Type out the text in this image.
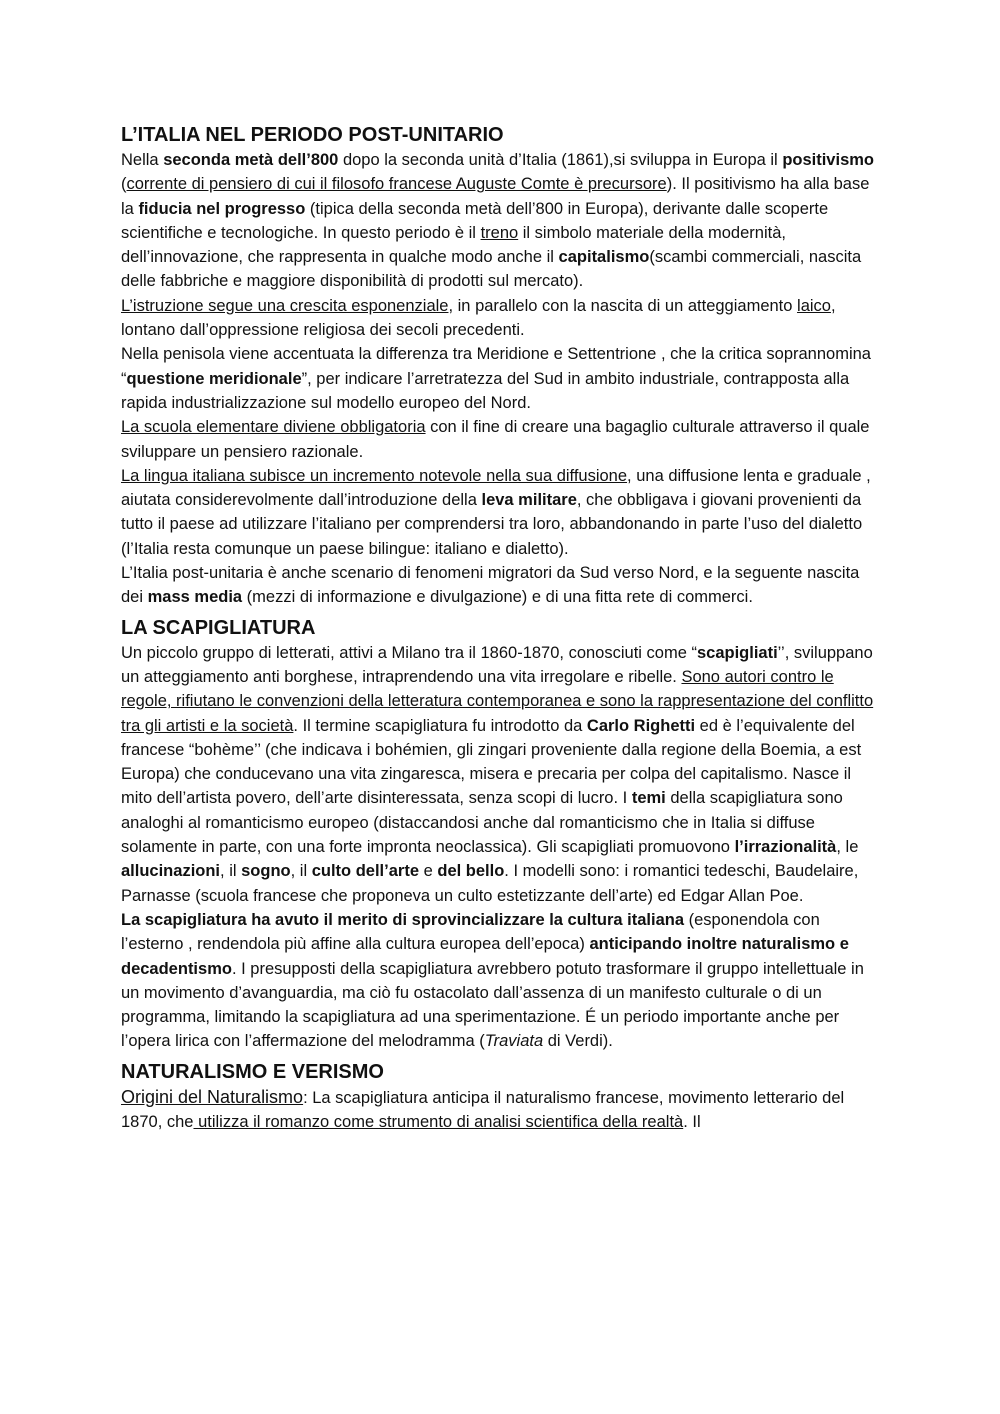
L’ITALIA NEL PERIODO POST-UNITARIO

Nella seconda metà dell’800 dopo la seconda unità d’Italia (1861),si sviluppa in Europa il positivismo (corrente di pensiero di cui il filosofo francese Auguste Comte è precursore). Il positivismo ha alla base la fiducia nel progresso (tipica della seconda metà dell’800 in Europa), derivante dalle scoperte scientifiche e tecnologiche. In questo periodo è il treno il simbolo materiale della modernità, dell’innovazione, che rappresenta in qualche modo anche il capitalismo(scambi commerciali, nascita delle fabbriche e maggiore disponibilità di prodotti sul mercato).

L’istruzione segue una crescita esponenziale, in parallelo con la nascita di un atteggiamento laico, lontano dall’oppressione religiosa dei secoli precedenti.

Nella penisola viene accentuata la differenza tra Meridione e Settentrione , che la critica soprannomina “questione meridionale”, per indicare l’arretratezza del Sud in ambito industriale, contrapposta alla rapida industrializzazione sul modello europeo del Nord.

La scuola elementare diviene obbligatoria con il fine di creare una bagaglio culturale attraverso il quale sviluppare un pensiero razionale.

La lingua italiana subisce un incremento notevole nella sua diffusione, una diffusione lenta e graduale , aiutata considerevolmente dall’introduzione della leva militare, che obbligava i giovani provenienti da tutto il paese ad utilizzare l’italiano per comprendersi tra loro, abbandonando in parte l’uso del dialetto (l’Italia resta comunque un paese bilingue: italiano e dialetto).

L’Italia post-unitaria è anche scenario di fenomeni migratori da Sud verso Nord, e la seguente nascita dei mass media (mezzi di informazione e divulgazione) e di una fitta rete di commerci.

LA SCAPIGLIATURA

Un piccolo gruppo di letterati, attivi a Milano tra il 1860-1870, conosciuti come “scapigliati’’, sviluppano un atteggiamento anti borghese, intraprendendo una vita irregolare e ribelle. Sono autori contro le regole, rifiutano le convenzioni della letteratura contemporanea e sono la rappresentazione del conflitto tra gli artisti e la società. Il termine scapigliatura fu introdotto da Carlo Righetti ed è l’equivalente del francese “bohème’’ (che indicava i bohémien, gli zingari proveniente dalla regione della Boemia, a est Europa) che conducevano una vita zingaresca, misera e precaria per colpa del capitalismo. Nasce il mito dell’artista povero, dell’arte disinteressata, senza scopi di lucro. I temi della scapigliatura sono analoghi al romanticismo europeo (distaccandosi anche dal romanticismo che in Italia si diffuse solamente in parte, con una forte impronta neoclassica). Gli scapigliati promuovono l’irrazionalità, le allucinazioni, il sogno, il culto dell’arte e del bello. I modelli sono: i romantici tedeschi, Baudelaire, Parnasse (scuola francese che proponeva un culto estetizzante dell’arte) ed Edgar Allan Poe.

La scapigliatura ha avuto il merito di sprovincializzare la cultura italiana (esponendola con l’esterno , rendendola più affine alla cultura europea dell’epoca) anticipando inoltre naturalismo e decadentismo. I presupposti della scapigliatura avrebbero potuto trasformare il gruppo intellettuale in un movimento d’avanguardia, ma ciò fu ostacolato dall’assenza di un manifesto culturale o di un programma, limitando la scapigliatura ad una sperimentazione. É un periodo importante anche per l’opera lirica con l’affermazione del melodramma (Traviata di Verdi).

NATURALISMO E VERISMO

Origini del Naturalismo: La scapigliatura anticipa il naturalismo francese, movimento letterario del 1870, che utilizza il romanzo come strumento di analisi scientifica della realtà. Il
